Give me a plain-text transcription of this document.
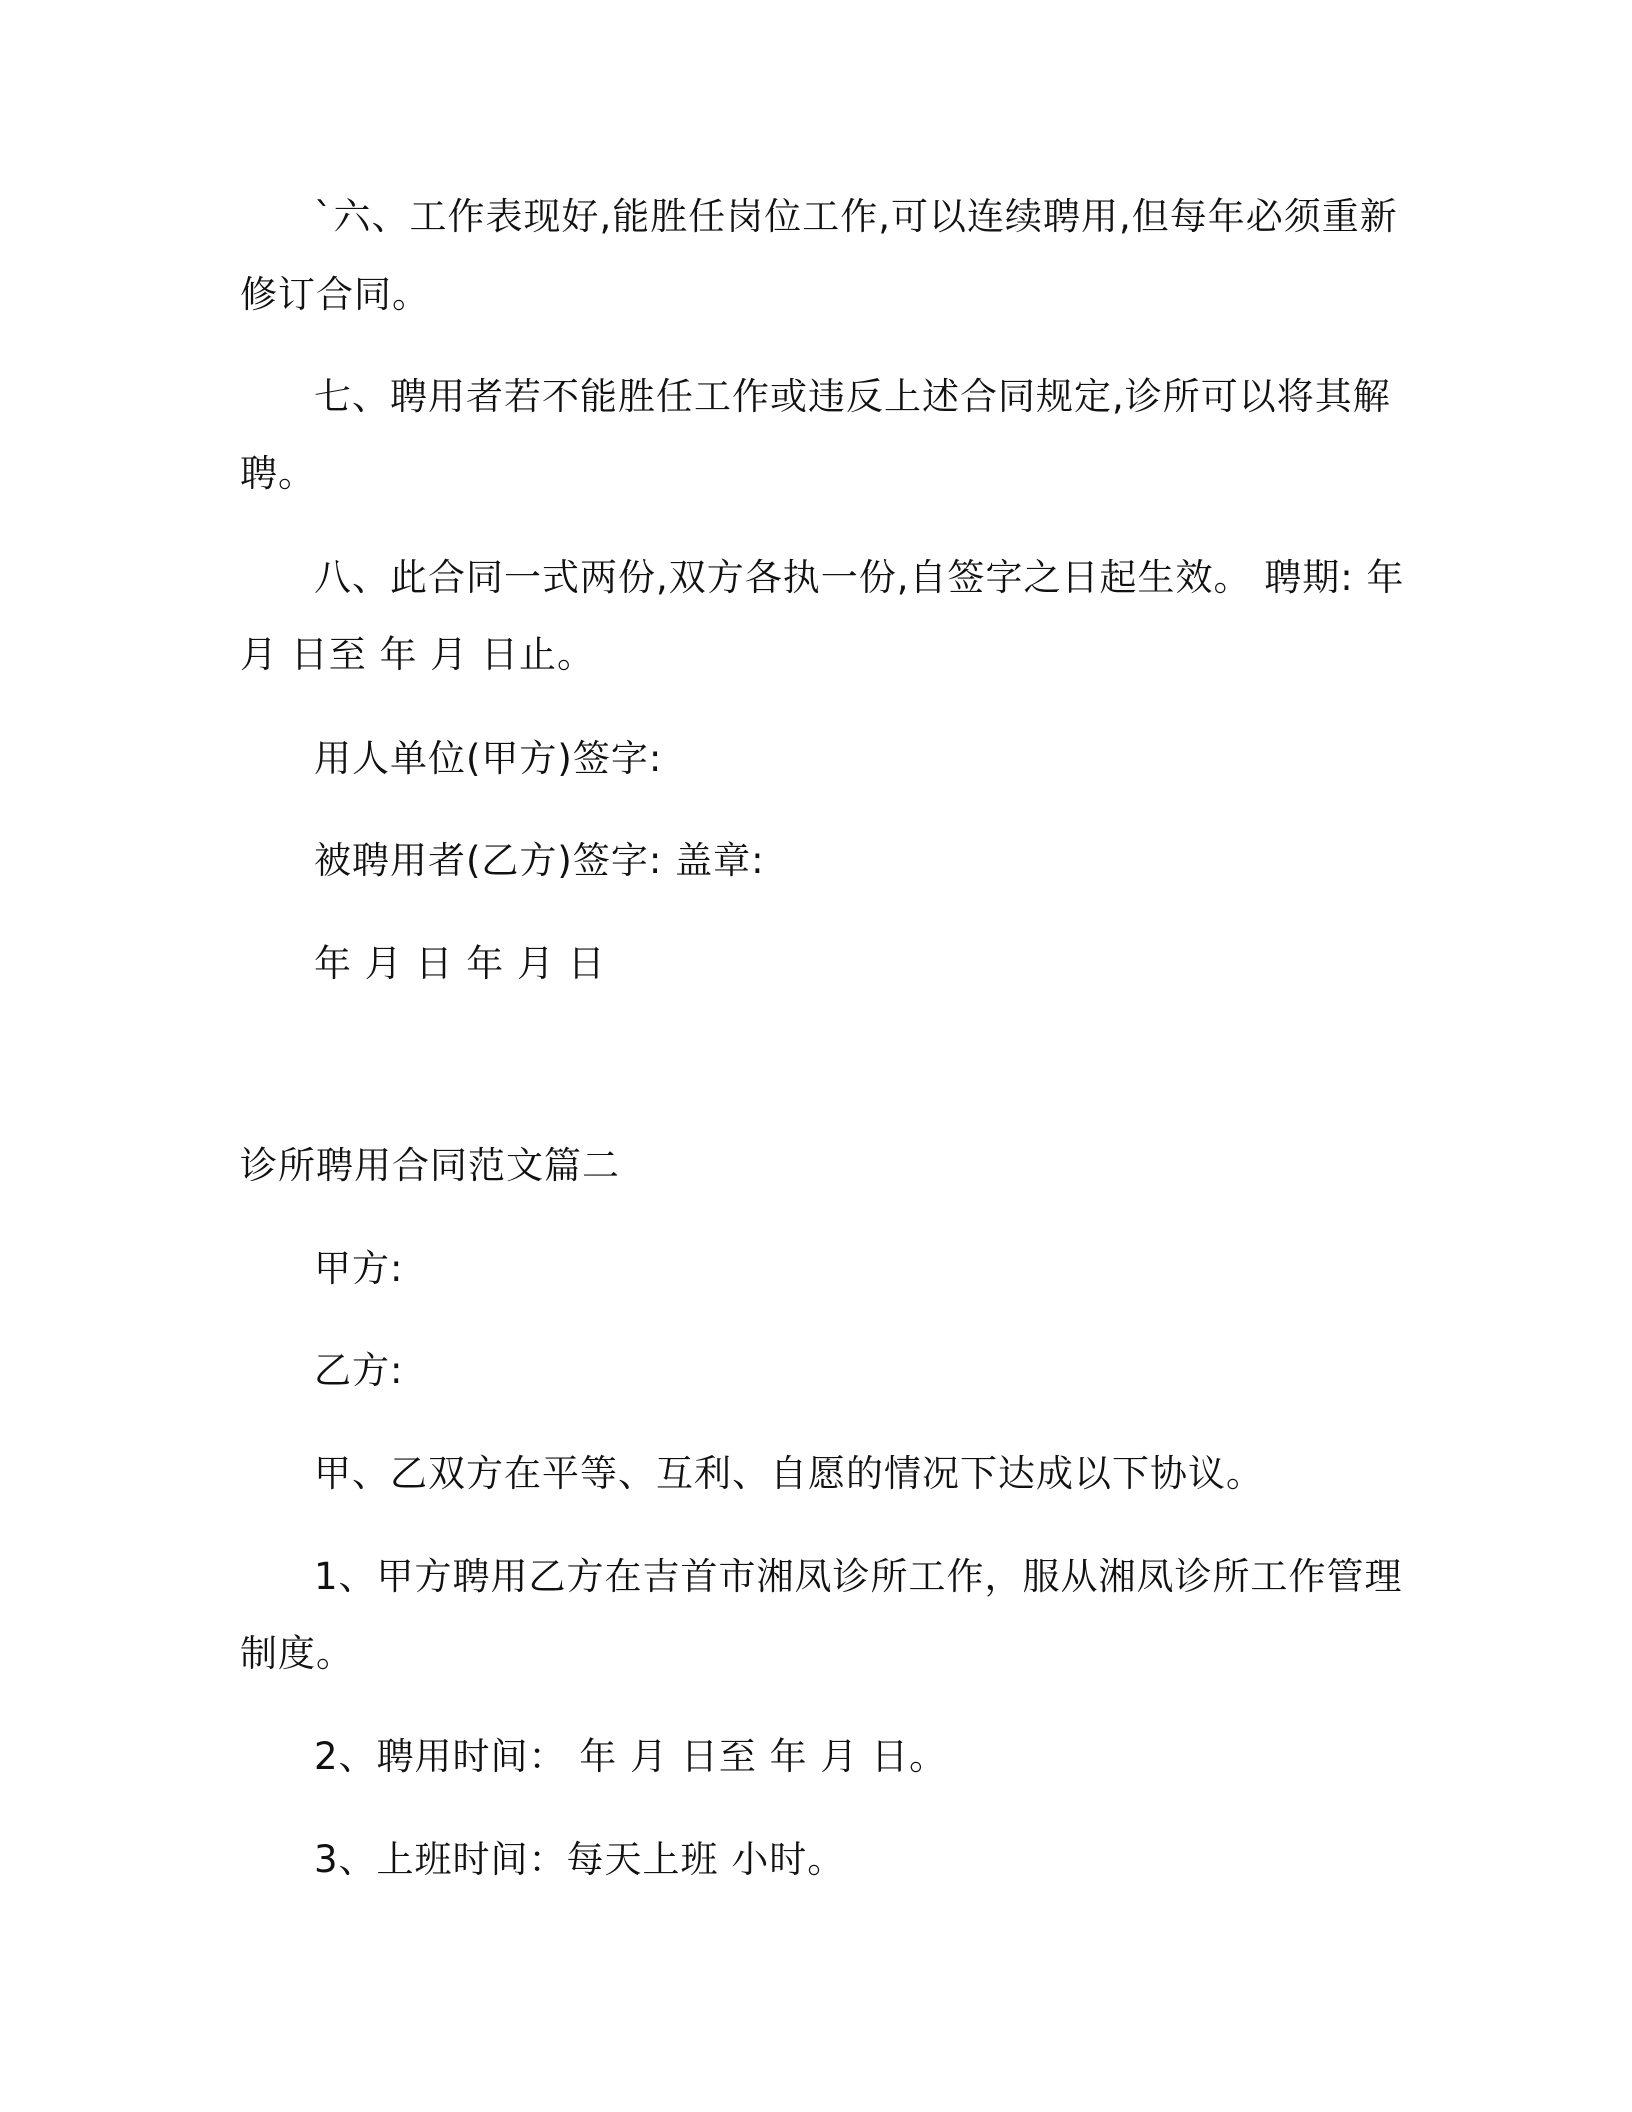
`六、工作表现好,能胜任岗位工作,可以连续聘用,但每年必须重新
修订合同。
七、聘用者若不能胜任工作或违反上述合同规定,诊所可以将其解
聘。
八、此合同一式两份,双方各执一份,自签字之日起生效。 聘期: 年
月 日至 年 月 日止。
用人单位(甲方)签字:
被聘用者(乙方)签字: 盖章:
年 月 日 年 月 日
诊所聘用合同范文篇二
甲方:
乙方:
甲、乙双方在平等、互利、自愿的情况下达成以下协议。
1、甲方聘用乙方在吉首市湘凤诊所工作，服从湘凤诊所工作管理
制度。
2、聘用时间： 年 月 日至 年 月 日。
3、上班时间：每天上班 小时。
